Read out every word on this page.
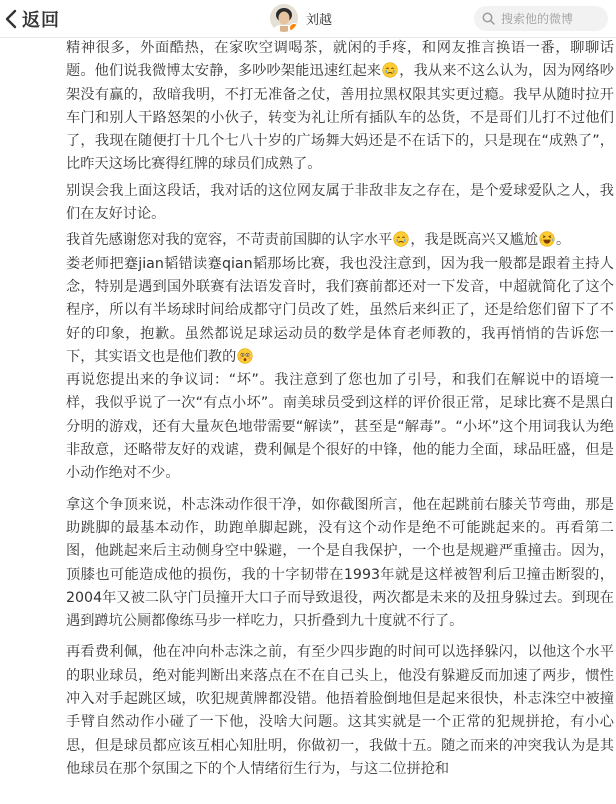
返回	刘越	搜索他的微博

精神很多，外面酷热，在家吹空调喝茶，就闲的手疼，和网友推言换语一番，聊聊话题。他们说我微博太安静，多吵吵架能迅速红起来 ，我从来不这么认为，因为网络吵架没有赢的，敌暗我明，不打无准备之仗，善用拉黑权限其实更过瘾。我早从随时拉开车门和别人干路怒架的小伙子，转变为礼让所有插队车的怂货，不是哥们儿打不过他们了，我现在随便打十几个七八十岁的广场舞大妈还是不在话下的，只是现在“成熟了”，比昨天这场比赛得红牌的球员们成熟了。

别误会我上面这段话，我对话的这位网友属于非敌非友之存在，是个爱球爱队之人，我们在友好讨论。

我首先感谢您对我的宽容，不苛责前国脚的认字水平 ，我是既高兴又尴尬 。

娄老师把蹇jian韬错读蹇qian韬那场比赛，我也没注意到，因为我一般都是跟着主持人念，特别是遇到国外联赛有法语发音时，我们赛前都还对一下发音，中超就简化了这个程序，所以有半场球时间给成都守门员改了姓，虽然后来纠正了，还是给您们留下了不好的印象，抱歉。虽然都说足球运动员的数学是体育老师教的，我再悄悄的告诉您一下，其实语文也是他们教的

再说您提出来的争议词：“坏”。我注意到了您也加了引号，和我们在解说中的语境一样，我似乎说了一次“有点小坏”。南美球员受到这样的评价很正常，足球比赛不是黑白分明的游戏，还有大量灰色地带需要“解读”，甚至是“解毒”。“小坏”这个用词我认为绝非敌意，还略带友好的戏谑，费利佩是个很好的中锋，他的能力全面，球品旺盛，但是小动作绝对不少。

拿这个争顶来说，朴志洙动作很干净，如你截图所言，他在起跳前右膝关节弯曲，那是助跳脚的最基本动作，助跑单脚起跳，没有这个动作是绝不可能跳起来的。再看第二图，他跳起来后主动侧身空中躲避，一个是自我保护，一个也是规避严重撞击。因为，顶膝也可能造成他的损伤，我的十字韧带在1993年就是这样被智利后卫撞击断裂的，2004年又被二队守门员撞开大口子而导致退役，两次都是未来的及扭身躲过去。到现在遇到蹲坑公厕都像练马步一样吃力，只折叠到九十度就不行了。

再看费利佩，他在冲向朴志洙之前，有至少四步跑的时间可以选择躲闪，以他这个水平的职业球员，绝对能判断出来落点在不在自己头上，他没有躲避反而加速了两步，惯性冲入对手起跳区域，吹犯规黄牌都没错。他捂着脸倒地但是起来很快，朴志洙空中被撞手臂自然动作小碰了一下他，没啥大问题。这其实就是一个正常的犯规拼抢，有小心思，但是球员都应该互相心知肚明，你做初一，我做十五。随之而来的冲突我认为是其他球员在那个氛围之下的个人情绪衍生行为，与这二位拼抢和
